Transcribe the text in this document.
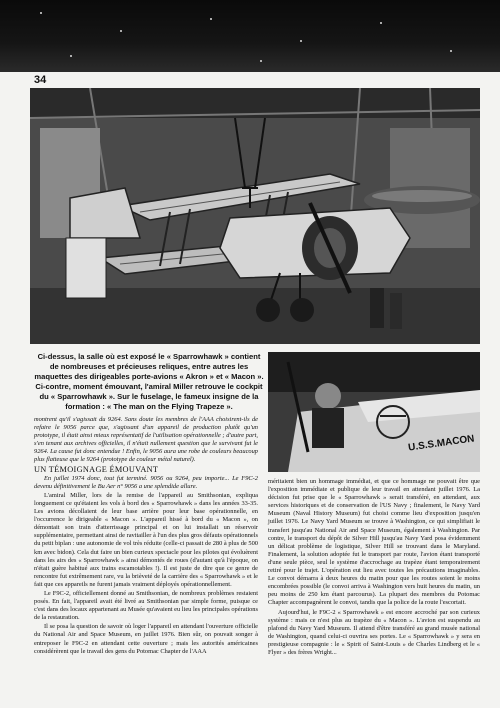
34
Ci-dessus, la salle où est exposé le « Sparrowhawk » contient de nombreuses et précieuses reliques, entre autres les maquettes des dirigeables porte-avions « Akron » et « Macon ». Ci-contre, moment émouvant, l'amiral Miller retrouve le cockpit du « Sparrowhawk ». Sur le fuselage, le fameux insigne de la formation : « The man on the Flying Trapeze ».
U.S.S.MACON

montrent qu'il s'agissait du 9264. Sans doute les membres de l'AAA choisirent-ils de refaire le 9056 parce que, s'agissant d'un appareil de production plutôt qu'un prototype, il était ainsi mieux représentatif de l'utilisation opérationnelle ; d'autre part, s'en tenant aux archives officielles, il n'était nullement question que le survivant fut le 9264. La cause fut donc entendue ! Enfin, le 9056 aura une robe de couleurs beaucoup plus flatteuse que le 9264 (prototype de couleur métal naturel).

UN TÉMOIGNAGE ÉMOUVANT

En juillet 1974 donc, tout fut terminé. 9056 ou 9264, peu importe... Le F9C-2 devenu définitivement le Bu Aer n° 9056 a une splendide allure.

L'amiral Miller, lors de la remise de l'appareil au Smithsonian, expliqua longuement ce qu'étaient les vols à bord des « Sparrowhawk » dans les années 33-35. Les avions décollaient de leur base arrière pour leur base opérationnelle, en l'occurrence le dirigeable « Macon ». L'appareil hissé à bord du « Macon », on démontait son train d'atterrissage principal et on lui installait un réservoir supplémentaire, permettant ainsi de ravitailler à l'un des plus gros défauts opérationnels du petit biplan : une autonomie de vol très réduite (celle-ci passait de 280 à plus de 500 km avec bidon). Cela dut faire un bien curieux spectacle pour les pilotes qui évoluèrent dans les airs des « Sparrowhawk » ainsi démontés de roues (d'autant qu'à l'époque, on n'était guère habitué aux trains escamotables !). Il est juste de dire que ce genre de rencontre fut extrêmement rare, vu la brièveté de la carrière des « Sparrowhawk » et le fait que ces appareils ne furent jamais vraiment déployés opérationnellement.

Le F9C-2, officiellement donné au Smithsonian, de nombreux problèmes restaient posés. En fait, l'appareil avait été livré au Smithsonian par simple forme, puisque ce c'est dans des locaux appartenant au Musée qu'avaient eu lieu les principales opérations de la restauration.

Il se posa la question de savoir où loger l'appareil en attendant l'ouverture officielle du National Air and Space Museum, en juillet 1976. Bien sûr, on pouvait songer à entreposer le F9C-2 en attendant cette ouverture ; mais les autorités américaines considérèrent que le travail des gens du Potomac Chapter de l'AAA

méritaient bien un hommage immédiat, et que ce hommage ne pouvait être que l'exposition immédiate et publique de leur travail en attendant juillet 1976. La décision fut prise que le « Sparrowhawk » serait transféré, en attendant, aux services historiques et de conservation de l'US Navy ; finalement, le Navy Yard Museum (Naval History Museum) fut choisi comme lieu d'exposition jusqu'en juillet 1976. Le Navy Yard Museum se trouve à Washington, ce qui simplifiait le transfert jusqu'au National Air and Space Museum, également à Washington. Par contre, le transport du dépôt de Silver Hill jusqu'au Navy Yard posa évidemment un délicat problème de logistique, Silver Hill se trouvant dans le Maryland. Finalement, la solution adoptée fut le transport par route, l'avion étant transporté d'une seule pièce, seul le système d'accrochage au trapèze étant temporairement retiré pour le trajet. L'opération eut lieu avec toutes les précautions imaginables. Le convoi démarra à deux heures du matin pour que les routes soient le moins encombrées possible (le convoi arriva à Washington vers huit heures du matin, un peu moins de 250 km étant parcourus). La plupart des membres du Potomac Chapter accompagnèrent le convoi, tandis que la police de la route l'escortait.

Aujourd'hui, le F9C-2 « Sparrowhawk » est encore accroché par son curieux système : mais ce n'est plus au trapèze du « Macon ». L'avion est suspendu au plafond du Navy Yard Museum. Il attend d'être transféré au grand musée national de Washington, quand celui-ci ouvrira ses portes. Le « Sparrowhawk » y sera en prestigieuse compagnie : le « Spirit of Saint-Louis » de Charles Lindberg et le « Flyer » des frères Wright...
